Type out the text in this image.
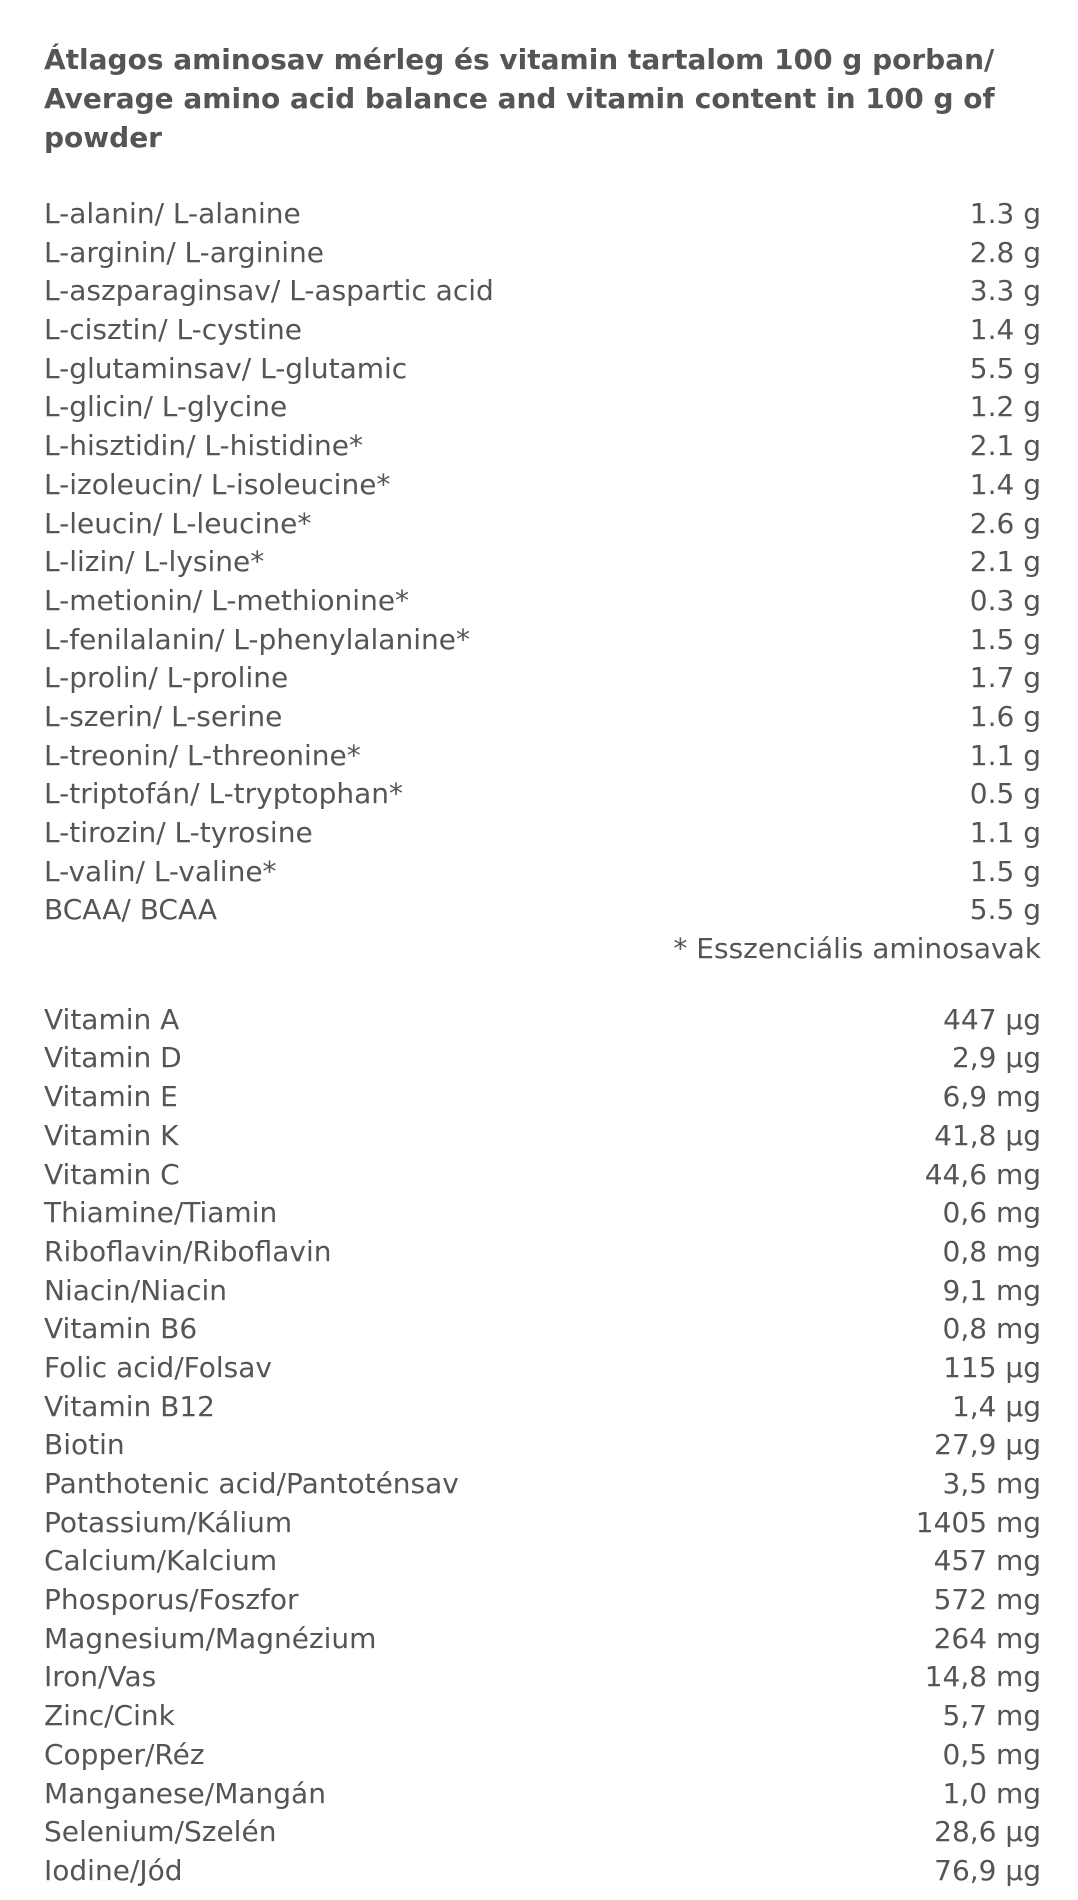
Átlagos aminosav mérleg és vitamin tartalom 100 g porban/
Average amino acid balance and vitamin content in 100 g of
powder
L-alanin/ L-alanine	1.3 g
L-arginin/ L-arginine	2.8 g
L-aszparaginsav/ L-aspartic acid	3.3 g
L-cisztin/ L-cystine	1.4 g
L-glutaminsav/ L-glutamic	5.5 g
L-glicin/ L-glycine	1.2 g
L-hisztidin/ L-histidine*	2.1 g
L-izoleucin/ L-isoleucine*	1.4 g
L-leucin/ L-leucine*	2.6 g
L-lizin/ L-lysine*	2.1 g
L-metionin/ L-methionine*	0.3 g
L-fenilalanin/ L-phenylalanine*	1.5 g
L-prolin/ L-proline	1.7 g
L-szerin/ L-serine	1.6 g
L-treonin/ L-threonine*	1.1 g
L-triptofán/ L-tryptophan*	0.5 g
L-tirozin/ L-tyrosine	1.1 g
L-valin/ L-valine*	1.5 g
BCAA/ BCAA	5.5 g
* Esszenciális aminosavak
Vitamin A	447 µg
Vitamin D	2,9 µg
Vitamin E	6,9 mg
Vitamin K	41,8 µg
Vitamin C	44,6 mg
Thiamine/Tiamin	0,6 mg
Riboflavin/Riboflavin	0,8 mg
Niacin/Niacin	9,1 mg
Vitamin B6	0,8 mg
Folic acid/Folsav	115 µg
Vitamin B12	1,4 µg
Biotin	27,9 µg
Panthotenic acid/Pantoténsav	3,5 mg
Potassium/Kálium	1405 mg
Calcium/Kalcium	457 mg
Phosporus/Foszfor	572 mg
Magnesium/Magnézium	264 mg
Iron/Vas	14,8 mg
Zinc/Cink	5,7 mg
Copper/Réz	0,5 mg
Manganese/Mangán	1,0 mg
Selenium/Szelén	28,6 µg
Iodine/Jód	76,9 µg
